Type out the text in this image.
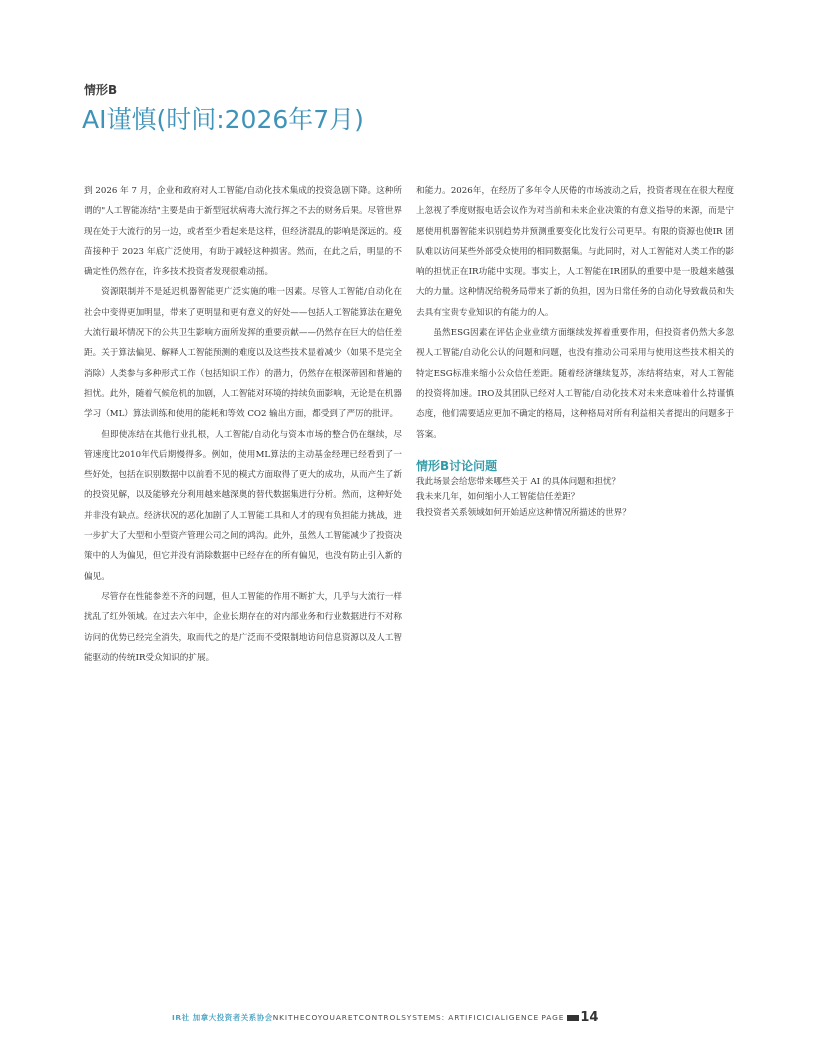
情形B
AI谨慎(时间:2026年7月)

到 2026 年 7 月，企业和政府对人工智能/自动化技术集成的投资急剧下降。这种所谓的"人工智能冻结"主要是由于新型冠状病毒大流行挥之不去的财务后果。尽管世界现在处于大流行的另一边，或者至少看起来是这样，但经济混乱的影响是深远的。疫苗接种于 2023 年底广泛使用，有助于减轻这种损害。然而，在此之后，明显的不确定性仍然存在，许多技术投资者发现很难动摇。

资源限制并不是延迟机器智能更广泛实施的唯一因素。尽管人工智能/自动化在社会中变得更加明显，带来了更明显和更有意义的好处——包括人工智能算法在避免大流行最坏情况下的公共卫生影响方面所发挥的重要贡献——仍然存在巨大的信任差距。关于算法偏见、解释人工智能预测的难度以及这些技术显着减少（如果不是完全消除）人类参与多种形式工作（包括知识工作）的潜力，仍然存在根深蒂固和普遍的担忧。此外，随着气候危机的加剧，人工智能对环境的持续负面影响，无论是在机器学习（ML）算法训练和使用的能耗和等效 CO2 输出方面，都受到了严厉的批评。

但即使冻结在其他行业扎根，人工智能/自动化与资本市场的整合仍在继续，尽管速度比2010年代后期慢得多。例如，使用ML算法的主动基金经理已经看到了一些好处，包括在识别数据中以前看不见的模式方面取得了更大的成功，从而产生了新的投资见解，以及能够充分利用越来越深奥的替代数据集进行分析。然而，这种好处并非没有缺点。经济状况的恶化加剧了人工智能工具和人才的现有负担能力挑战，进一步扩大了大型和小型资产管理公司之间的鸿沟。此外，虽然人工智能减少了投资决策中的人为偏见，但它并没有消除数据中已经存在的所有偏见，也没有防止引入新的偏见。

尽管存在性能参差不齐的问题，但人工智能的作用不断扩大，几乎与大流行一样扰乱了红外领域。在过去六年中，企业长期存在的对内部业务和行业数据进行不对称访问的优势已经完全消失，取而代之的是广泛而不受限制地访问信息资源以及人工智能驱动的传统IR受众知识的扩展。

和能力。2026年，在经历了多年令人厌倦的市场波动之后，投资者现在在很大程度上忽视了季度财报电话会议作为对当前和未来企业决策的有意义指导的来源，而是宁愿使用机器智能来识别趋势并预测重要变化比发行公司更早。有限的资源也使IR 团队难以访问某些外部受众使用的相同数据集。与此同时，对人工智能对人类工作的影响的担忧正在IR功能中实现。事实上，人工智能在IR团队的重要中是一股越来越强大的力量。这种情况给税务局带来了新的负担，因为日常任务的自动化导致裁员和失去具有宝贵专业知识的有能力的人。

虽然ESG因素在评估企业业绩方面继续发挥着重要作用，但投资者仍然大多忽视人工智能/自动化公认的问题和问题，也没有推动公司采用与使用这些技术相关的特定ESG标准来缩小公众信任差距。随着经济继续复苏，冻结将结束，对人工智能的投资将加速。IRO及其团队已经对人工智能/自动化技术对未来意味着什么持谨慎态度，他们需要适应更加不确定的格局，这种格局对所有利益相关者提出的问题多于答案。

情形B讨论问题
我此场景会给您带来哪些关于 AI 的具体问题和担忧？
我未来几年，如何缩小人工智能信任差距？
我投资者关系领域如何开始适应这种情况所描述的世界？
IR社 加拿大投资者关系协会NKITHECOYOUAREТCONTROLSYSTEMS: ARTIFICICIALIGENCE PAGE 14
